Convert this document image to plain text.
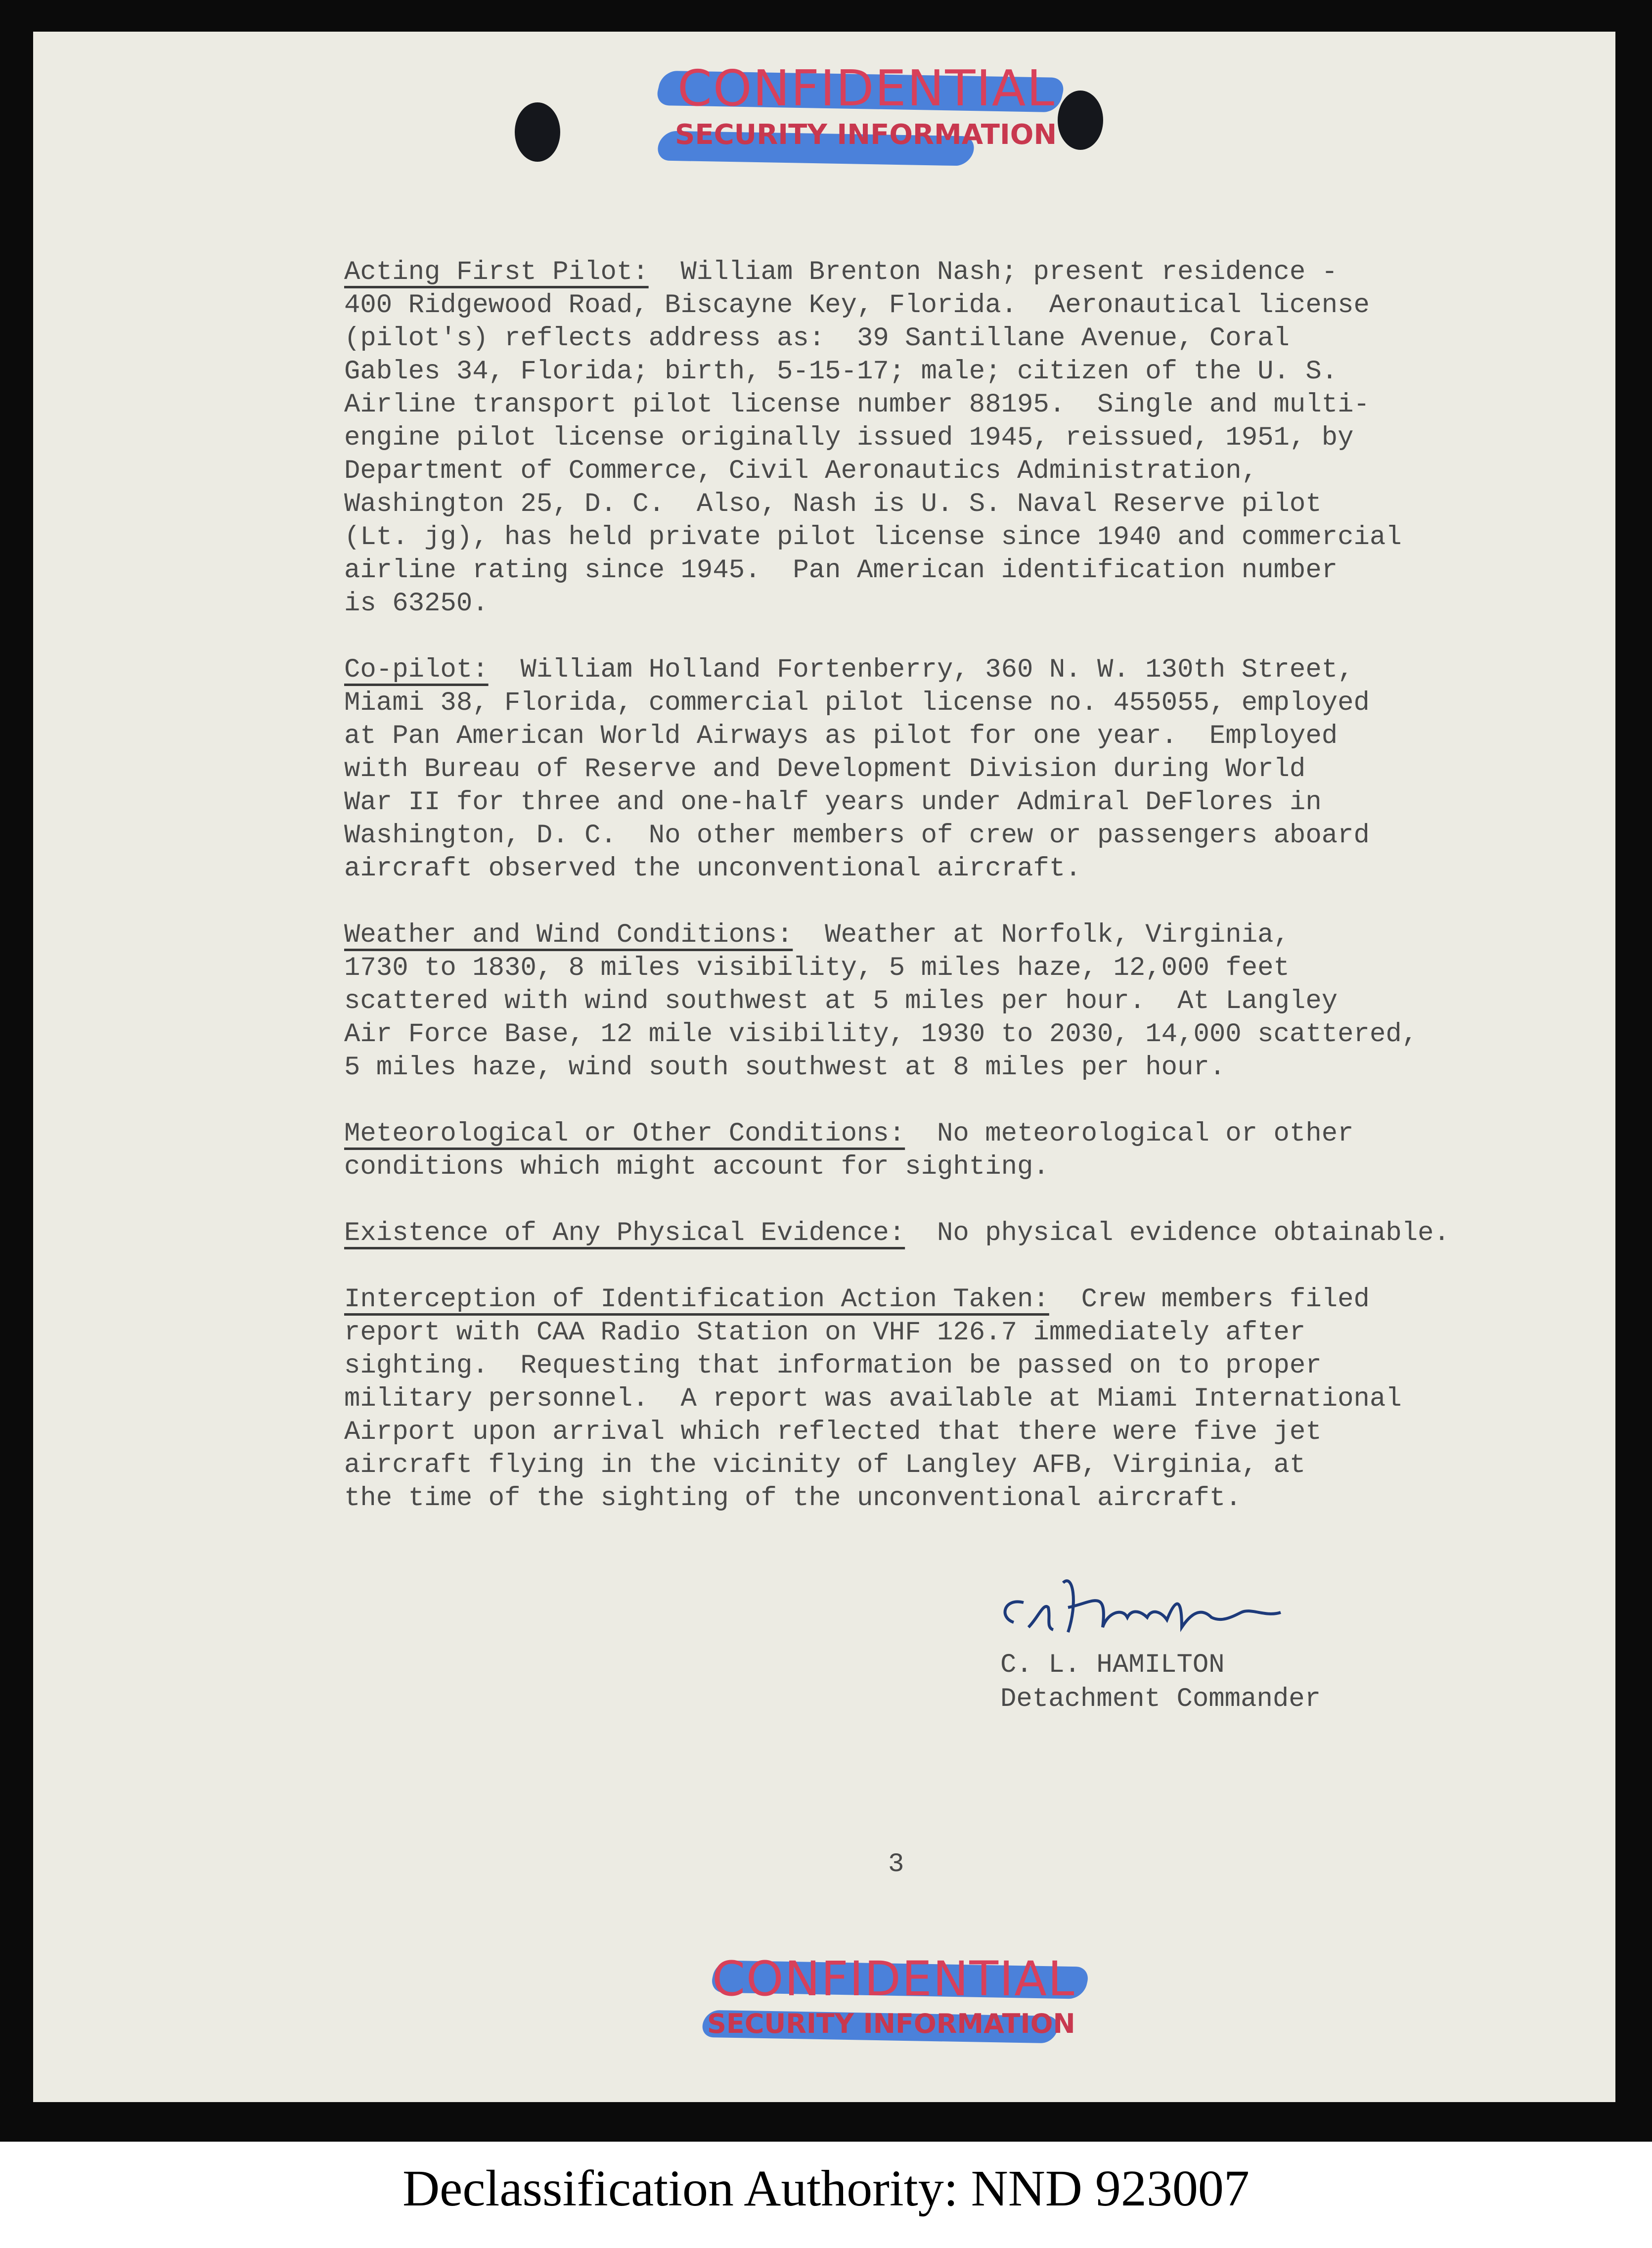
CONFIDENTIAL
SECURITY INFORMATION
Acting First Pilot:  William Brenton Nash; present residence -
400 Ridgewood Road, Biscayne Key, Florida.  Aeronautical license
(pilot's) reflects address as:  39 Santillane Avenue, Coral
Gables 34, Florida; birth, 5-15-17; male; citizen of the U. S.
Airline transport pilot license number 88195.  Single and multi-
engine pilot license originally issued 1945, reissued, 1951, by
Department of Commerce, Civil Aeronautics Administration,
Washington 25, D. C.  Also, Nash is U. S. Naval Reserve pilot
(Lt. jg), has held private pilot license since 1940 and commercial
airline rating since 1945.  Pan American identification number
is 63250.
Co-pilot:  William Holland Fortenberry, 360 N. W. 130th Street,
Miami 38, Florida, commercial pilot license no. 455055, employed
at Pan American World Airways as pilot for one year.  Employed
with Bureau of Reserve and Development Division during World
War II for three and one-half years under Admiral DeFlores in
Washington, D. C.  No other members of crew or passengers aboard
aircraft observed the unconventional aircraft.
Weather and Wind Conditions:  Weather at Norfolk, Virginia,
1730 to 1830, 8 miles visibility, 5 miles haze, 12,000 feet
scattered with wind southwest at 5 miles per hour.  At Langley
Air Force Base, 12 mile visibility, 1930 to 2030, 14,000 scattered,
5 miles haze, wind south southwest at 8 miles per hour.
Meteorological or Other Conditions:  No meteorological or other
conditions which might account for sighting.
Existence of Any Physical Evidence:  No physical evidence obtainable.
Interception of Identification Action Taken:  Crew members filed
report with CAA Radio Station on VHF 126.7 immediately after
sighting.  Requesting that information be passed on to proper
military personnel.  A report was available at Miami International
Airport upon arrival which reflected that there were five jet
aircraft flying in the vicinity of Langley AFB, Virginia, at
the time of the sighting of the unconventional aircraft.
C. L. HAMILTON
Detachment Commander
3
CONFIDENTIAL
SECURITY INFORMATION
Declassification Authority: NND 923007
